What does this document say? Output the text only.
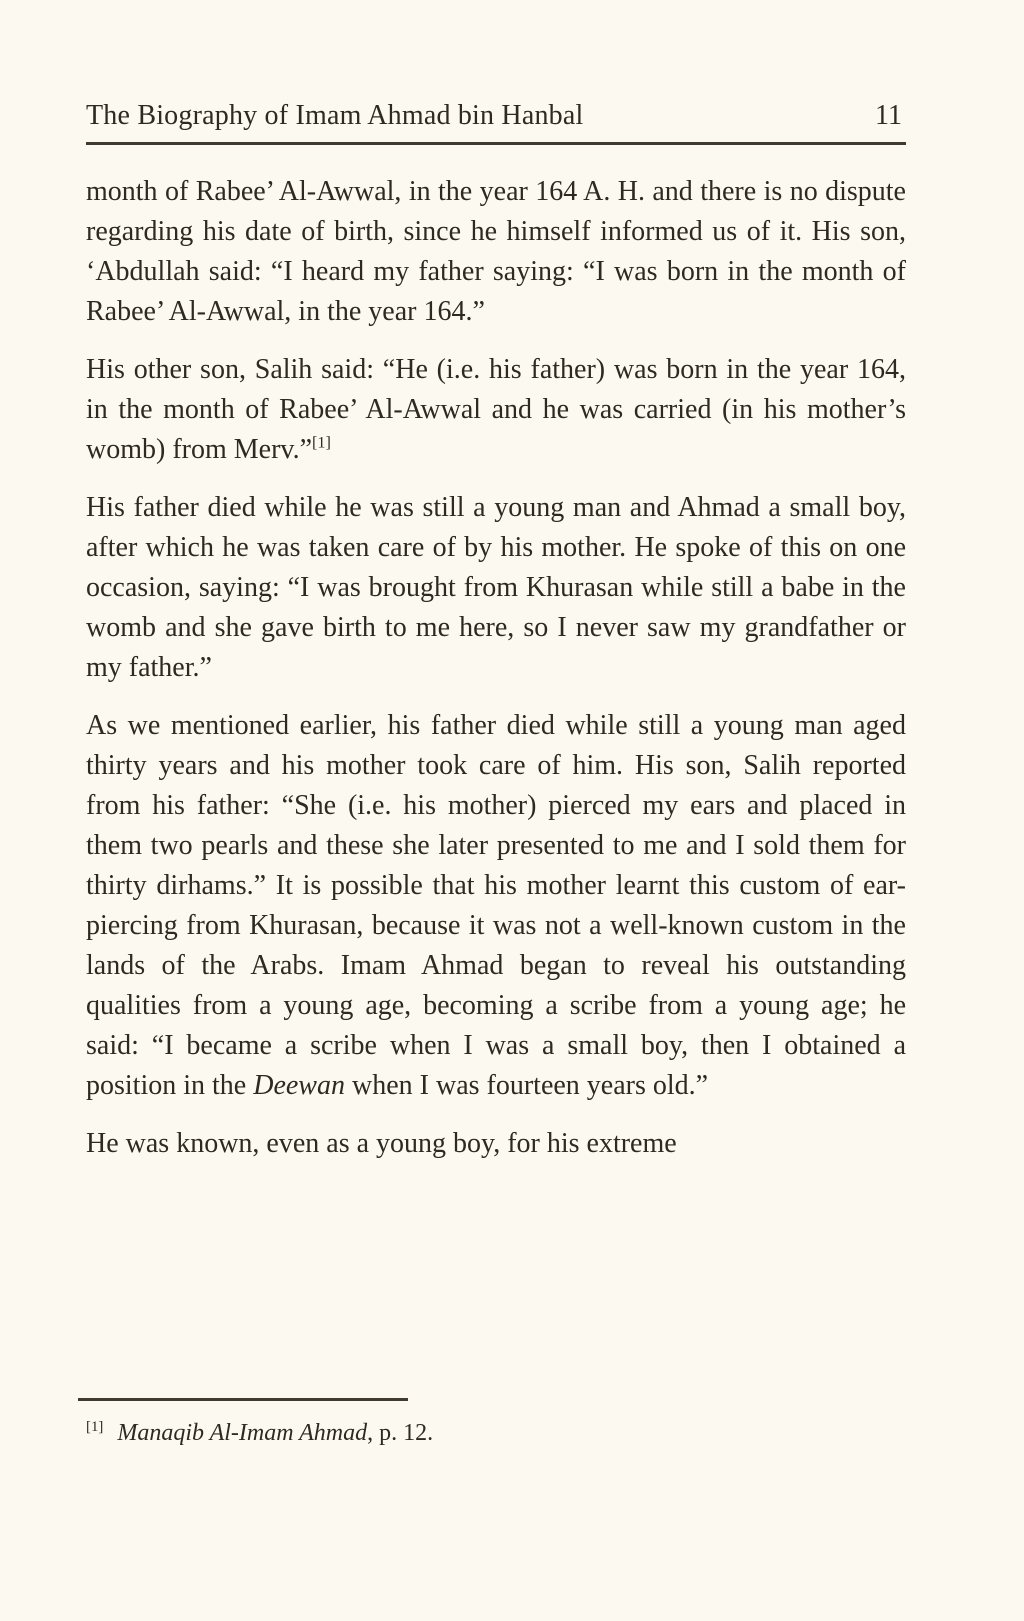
The Biography of Imam Ahmad bin Hanbal	11

month of Rabee’ Al-Awwal, in the year 164 A. H. and there is no dispute regarding his date of birth, since he himself informed us of it. His son, ‘Abdullah said: “I heard my father saying: “I was born in the month of Rabee’ Al-Awwal, in the year 164.”

His other son, Salih said: “He (i.e. his father) was born in the year 164, in the month of Rabee’ Al-Awwal and he was carried (in his mother’s womb) from Merv.”[1]

His father died while he was still a young man and Ahmad a small boy, after which he was taken care of by his mother. He spoke of this on one occasion, saying: “I was brought from Khurasan while still a babe in the womb and she gave birth to me here, so I never saw my grandfather or my father.”

As we mentioned earlier, his father died while still a young man aged thirty years and his mother took care of him. His son, Salih reported from his father: “She (i.e. his mother) pierced my ears and placed in them two pearls and these she later presented to me and I sold them for thirty dirhams.” It is possible that his mother learnt this custom of ear-piercing from Khurasan, because it was not a well-known custom in the lands of the Arabs. Imam Ahmad began to reveal his outstanding qualities from a young age, becoming a scribe from a young age; he said: “I became a scribe when I was a small boy, then I obtained a position in the Deewan when I was fourteen years old.”

He was known, even as a young boy, for his extreme

[1] Manaqib Al-Imam Ahmad, p. 12.
